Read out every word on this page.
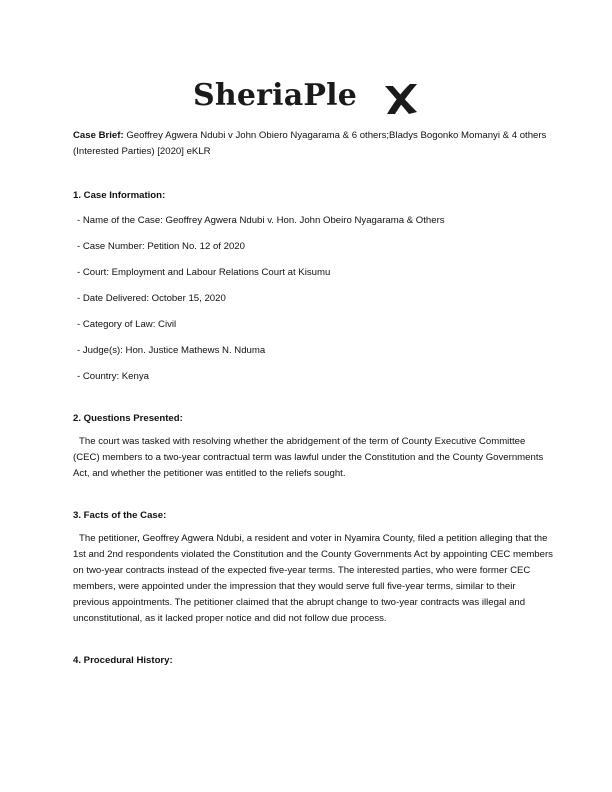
SheriaPle

Case Brief: Geoffrey Agwera Ndubi v John Obiero Nyagarama & 6 others;Bladys Bogonko Momanyi & 4 others (Interested Parties) [2020] eKLR

1. Case Information:

- Name of the Case: Geoffrey Agwera Ndubi v. Hon. John Obeiro Nyagarama & Others

- Case Number: Petition No. 12 of 2020

- Court: Employment and Labour Relations Court at Kisumu

- Date Delivered: October 15, 2020

- Category of Law: Civil

- Judge(s): Hon. Justice Mathews N. Nduma

- Country: Kenya

2. Questions Presented:

The court was tasked with resolving whether the abridgement of the term of County Executive Committee (CEC) members to a two-year contractual term was lawful under the Constitution and the County Governments Act, and whether the petitioner was entitled to the reliefs sought.

3. Facts of the Case:

The petitioner, Geoffrey Agwera Ndubi, a resident and voter in Nyamira County, filed a petition alleging that the 1st and 2nd respondents violated the Constitution and the County Governments Act by appointing CEC members on two-year contracts instead of the expected five-year terms. The interested parties, who were former CEC members, were appointed under the impression that they would serve full five-year terms, similar to their previous appointments. The petitioner claimed that the abrupt change to two-year contracts was illegal and unconstitutional, as it lacked proper notice and did not follow due process.

4. Procedural History:
